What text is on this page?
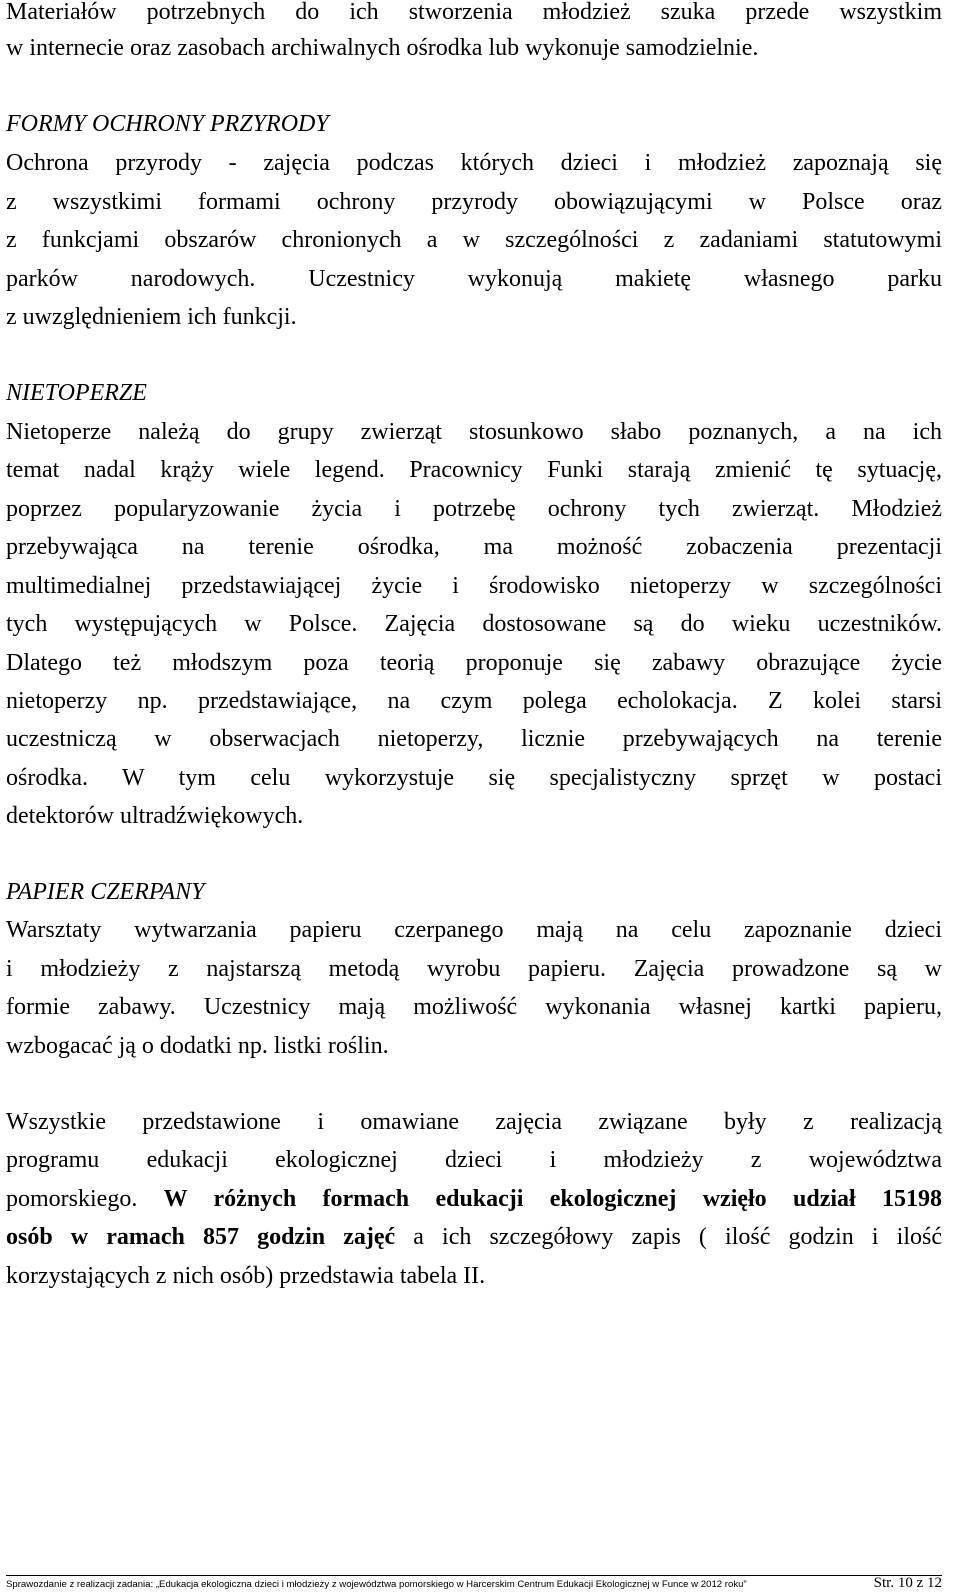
Materiałów potrzebnych do ich stworzenia młodzież szuka przede wszystkim
w internecie oraz zasobach archiwalnych ośrodka lub wykonuje samodzielnie.
FORMY OCHRONY PRZYRODY
Ochrona przyrody - zajęcia podczas których dzieci i młodzież zapoznają się
z wszystkimi formami ochrony przyrody obowiązującymi w Polsce oraz
z funkcjami obszarów chronionych a w szczególności z zadaniami statutowymi
parków narodowych. Uczestnicy wykonują makietę własnego parku
z uwzględnieniem ich funkcji.
NIETOPERZE
Nietoperze należą do grupy zwierząt stosunkowo słabo poznanych, a na ich
temat nadal krąży wiele legend. Pracownicy Funki starają zmienić tę sytuację,
poprzez popularyzowanie życia i potrzebę ochrony tych zwierząt. Młodzież
przebywająca na terenie ośrodka, ma możność zobaczenia prezentacji
multimedialnej przedstawiającej życie i środowisko nietoperzy w szczególności
tych występujących w Polsce. Zajęcia dostosowane są do wieku uczestników.
Dlatego też młodszym poza teorią proponuje się zabawy obrazujące życie
nietoperzy np. przedstawiające, na czym polega echolokacja. Z kolei starsi
uczestniczą w obserwacjach nietoperzy, licznie przebywających na terenie
ośrodka. W tym celu wykorzystuje się specjalistyczny sprzęt w postaci
detektorów ultradźwiękowych.
PAPIER CZERPANY
Warsztaty wytwarzania papieru czerpanego mają na celu zapoznanie dzieci
i młodzieży z najstarszą metodą wyrobu papieru. Zajęcia prowadzone są w
formie zabawy. Uczestnicy mają możliwość wykonania własnej kartki papieru,
wzbogacać ją o dodatki np. listki roślin.
Wszystkie przedstawione i omawiane zajęcia związane były z realizacją
programu edukacji ekologicznej dzieci i młodzieży z województwa
pomorskiego. W różnych formach edukacji ekologicznej wzięło udział 15198
osób w ramach 857 godzin zajęć a ich szczegółowy zapis ( ilość godzin i ilość
korzystających z nich osób) przedstawia tabela II.
Sprawozdanie z realizacji zadania: „Edukacja ekologiczna dzieci i młodzieży z województwa pomorskiego w Harcerskim Centrum Edukacji Ekologicznej w Funce w 2012 roku”	Str. 10 z 12
